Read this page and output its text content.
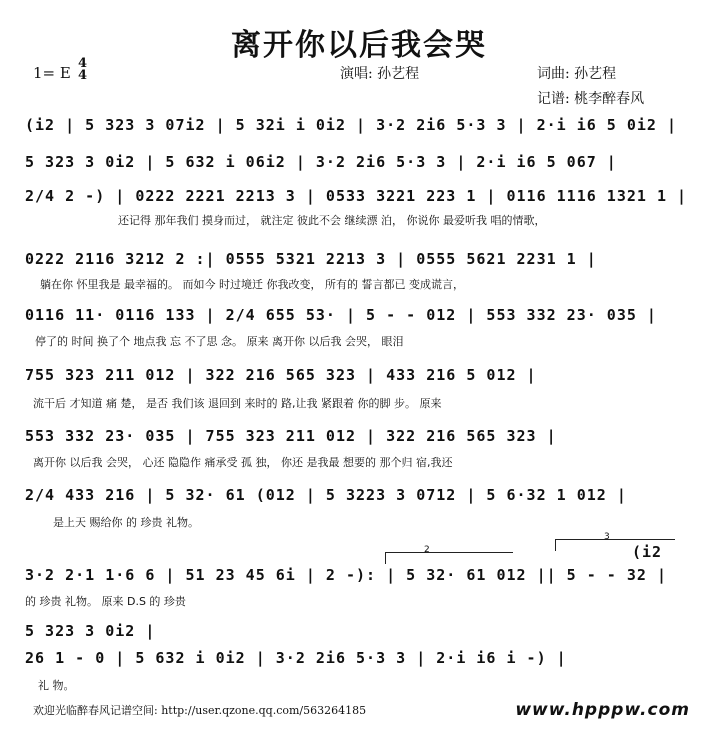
离开你以后我会哭
1= E
4
4	演唱: 孙艺程	词曲: 孙艺程
记谱: 桃李醉春风
(i2 | 5 323 3 07i2 | 5 32i i 0i2 | 3·2 2i6 5·3 3 | 2·i i6 5 0i2 |
5 323 3 0i2 | 5 632 i 06i2 | 3·2 2i6 5·3 3 | 2·i i6 5 067 |
2/4 2 -) | 0222 2221 2213 3 | 0533 3221 223 1 | 0116 1116 1321 1 |
还记得 那年我们 摸身而过， 就注定 彼此不会 继续漂 泊， 你说你 最爱听我 唱的情歌，
0222 2116 3212 2 :| 0555 5321 2213 3 | 0555 5621 2231 1 |
躺在你 怀里我是 最幸福的。 而如今 时过境迁 你我改变， 所有的 誓言都已 变成谎言，
0116 11· 0116 133 | 2/4 655 53· | 5 - - 012 | 553 332 23· 035 |
停了的 时间 换了个 地点我 忘 不了思 念。 原来 离开你 以后我 会哭， 眼泪
755 323 211 012 | 322 216 565 323 | 433 216 5 012 |
流干后 才知道 痛 楚， 是否 我们该 退回到 来时的 路,让我 紧跟着 你的脚 步。 原来
553 332 23· 035 | 755 323 211 012 | 322 216 565 323 |
离开你 以后我 会哭， 心还 隐隐作 痛承受 孤 独， 你还 是我最 想要的 那个归 宿,我还
2/4 433 216 | 5 32· 61 (012 | 5 3223 3 0712 | 5 6·32 1 012 |
是上天 赐给你 的 珍贵 礼物。
2
3
(i2
3·2 2·1 1·6 6 | 51 23 45 6i | 2 -): | 5 32· 61 012 || 5 - - 32 |
的 珍贵 礼物。 原来 D.S 的 珍贵
5 323 3 0i2 |
26 1 - 0 | 5 632 i 0i2 | 3·2 2i6 5·3 3 | 2·i i6 i -) |
礼 物。
欢迎光临醉春风记谱空间: http://user.qzone.qq.com/563264185	www.hpppw.com
